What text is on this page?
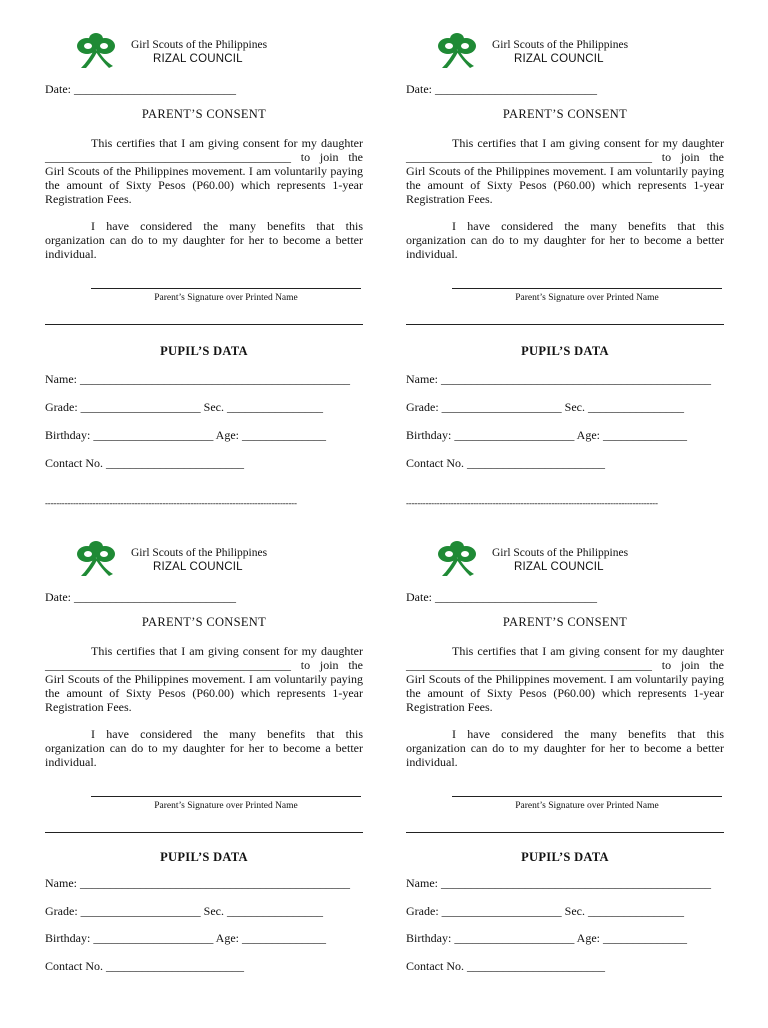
Girl Scouts of the Philippines
RIZAL COUNCIL
Date: ___________________________
PARENT’S CONSENT
This certifies that I am giving consent for my daughter _________________________________________ to join the Girl Scouts of the Philippines movement. I am voluntarily paying the amount of Sixty Pesos (P60.00) which represents 1-year Registration Fees.
I have considered the many benefits that this organization can do to my daughter for her to become a better individual.
Parent’s Signature over Printed Name
PUPIL’S DATA
Name: _____________________________________________
Grade: ____________________ Sec. ________________
Birthday: ____________________ Age: ______________
Contact No. _______________________
------------------------------------------------------------------------------------------
Girl Scouts of the Philippines
RIZAL COUNCIL
Date: ___________________________
PARENT’S CONSENT
This certifies that I am giving consent for my daughter _________________________________________ to join the Girl Scouts of the Philippines movement. I am voluntarily paying the amount of Sixty Pesos (P60.00) which represents 1-year Registration Fees.
I have considered the many benefits that this organization can do to my daughter for her to become a better individual.
Parent’s Signature over Printed Name
PUPIL’S DATA
Name: _____________________________________________
Grade: ____________________ Sec. ________________
Birthday: ____________________ Age: ______________
Contact No. _______________________
------------------------------------------------------------------------------------------
Girl Scouts of the Philippines
RIZAL COUNCIL
Date: ___________________________
PARENT’S CONSENT
This certifies that I am giving consent for my daughter _________________________________________ to join the Girl Scouts of the Philippines movement. I am voluntarily paying the amount of Sixty Pesos (P60.00) which represents 1-year Registration Fees.
I have considered the many benefits that this organization can do to my daughter for her to become a better individual.
Parent’s Signature over Printed Name
PUPIL’S DATA
Name: _____________________________________________
Grade: ____________________ Sec. ________________
Birthday: ____________________ Age: ______________
Contact No. _______________________
Girl Scouts of the Philippines
RIZAL COUNCIL
Date: ___________________________
PARENT’S CONSENT
This certifies that I am giving consent for my daughter _________________________________________ to join the Girl Scouts of the Philippines movement. I am voluntarily paying the amount of Sixty Pesos (P60.00) which represents 1-year Registration Fees.
I have considered the many benefits that this organization can do to my daughter for her to become a better individual.
Parent’s Signature over Printed Name
PUPIL’S DATA
Name: _____________________________________________
Grade: ____________________ Sec. ________________
Birthday: ____________________ Age: ______________
Contact No. _______________________
